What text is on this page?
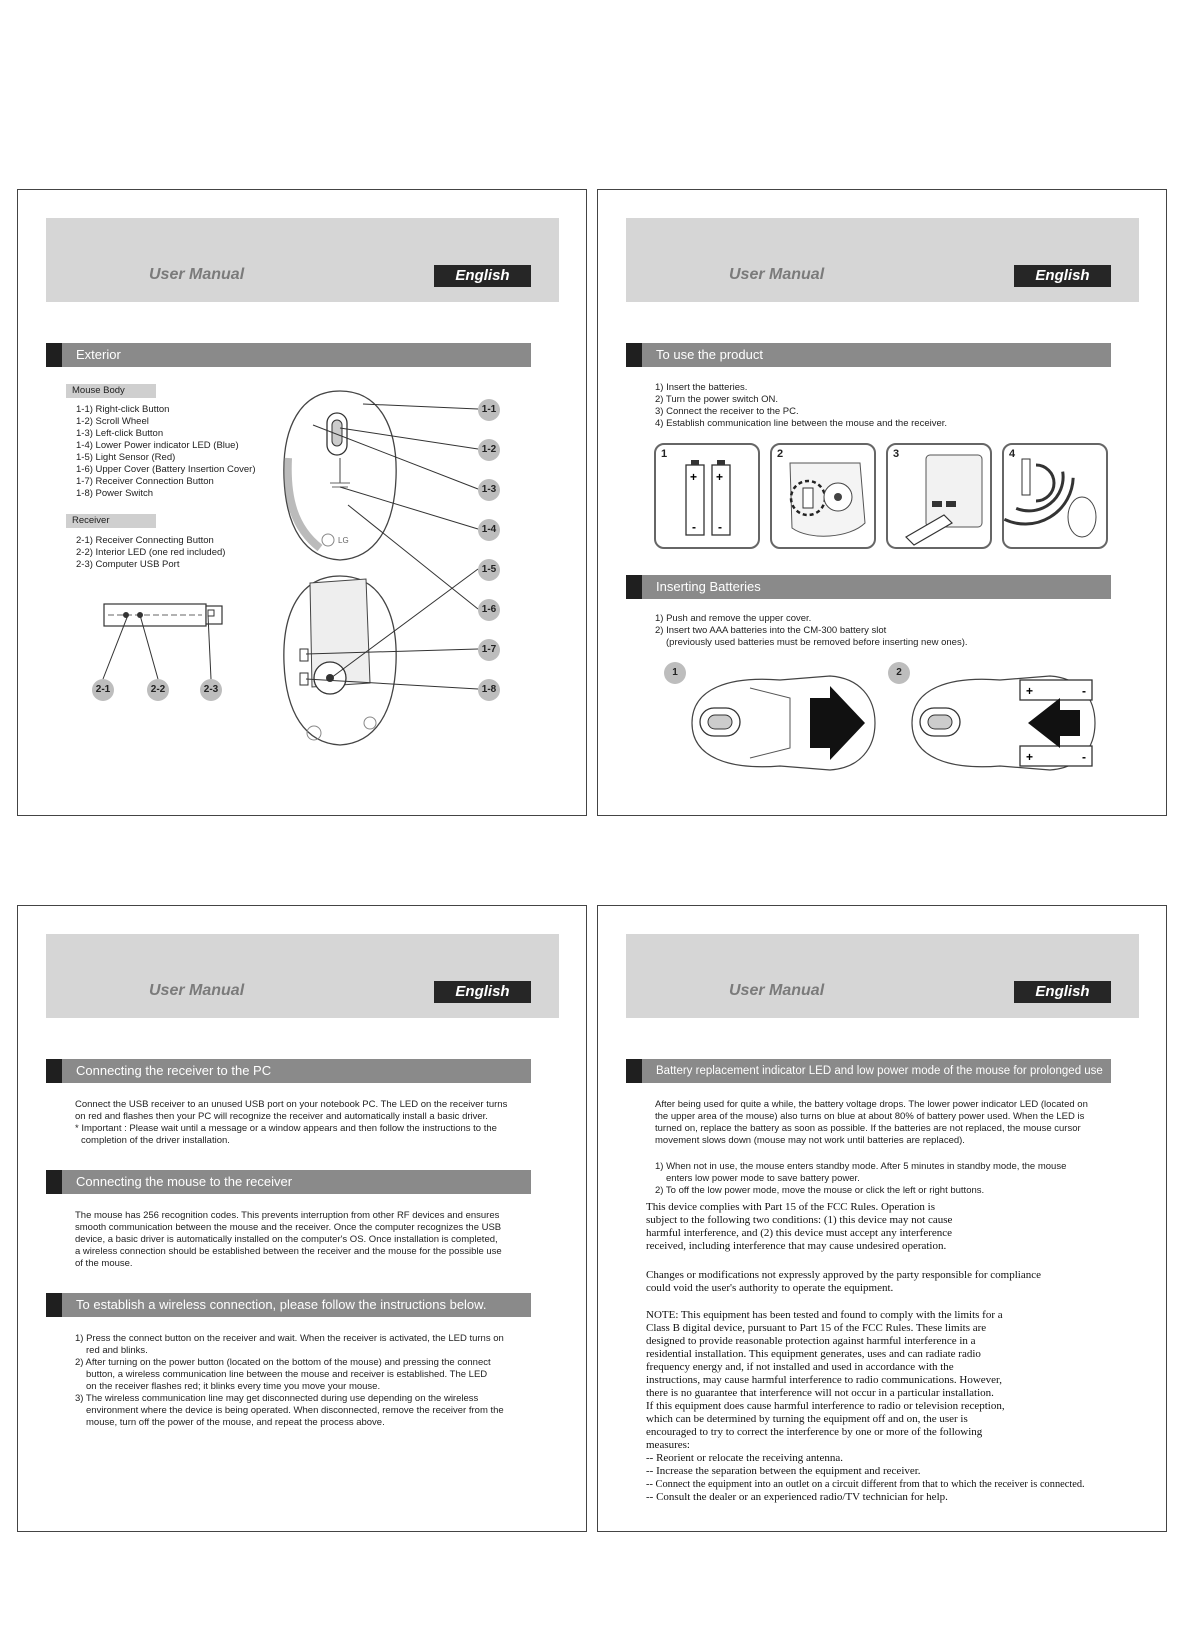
User Manual	English
Exterior
Mouse Body
1-1) Right-click Button
1-2) Scroll Wheel
1-3) Left-click Button
1-4) Lower Power indicator LED (Blue)
1-5) Light Sensor (Red)
1-6) Upper Cover (Battery Insertion Cover)
1-7) Receiver Connection Button
1-8) Power Switch
Receiver
2-1) Receiver Connecting Button
2-2) Interior LED (one red included)
2-3) Computer USB Port
2-1	2-2	2-3
LG
1-1
1-2
1-3
1-4
1-5
1-6
1-7
1-8
User Manual	English
To use the product
1) Insert the batteries.
2) Turn the power switch ON.
3) Connect the receiver to the PC.
4) Establish communication line between the mouse and the receiver.
1
+ +
- -
2	3	4
Inserting Batteries
1) Push and remove the upper cover.
2) Insert two AAA batteries into the CM-300 battery slot
(previously used batteries must be removed before inserting new ones).
1	2
+
+
-
-
User Manual	English
Connecting the receiver to the PC
Connect the USB receiver to an unused USB port on your notebook PC. The LED on the receiver turns
on red and flashes then your PC will recognize the receiver and automatically install a basic driver.
* Important : Please wait until a message or a window appears and then follow the instructions to the
completion of the driver installation.
Connecting the mouse to the receiver
The mouse has 256 recognition codes. This prevents interruption from other RF devices and ensures
smooth communication between the mouse and the receiver. Once the computer recognizes the USB
device, a basic driver is automatically installed on the computer's OS. Once installation is completed,
a wireless connection should be established between the receiver and the mouse for the possible use
of the mouse.
To establish a wireless connection, please follow the instructions below.
1) Press the connect button on the receiver and wait. When the receiver is activated, the LED turns on
red and blinks.
2) After turning on the power button (located on the bottom of the mouse) and pressing the connect
button, a wireless communication line between the mouse and receiver is established. The LED
on the receiver flashes red; it blinks every time you move your mouse.
3) The wireless communication line may get disconnected during use depending on the wireless
environment where the device is being operated. When disconnected, remove the receiver from the
mouse, turn off the power of the mouse, and repeat the process above.
User Manual	English
Battery replacement indicator LED and low power mode of the mouse for prolonged use
After being used for quite a while, the battery voltage drops. The lower power indicator LED (located on
the upper area of the mouse) also turns on blue at about 80% of battery power used. When the LED is
turned on, replace the battery as soon as possible. If the batteries are not replaced, the mouse cursor
movement slows down (mouse may not work until batteries are replaced).
1) When not in use, the mouse enters standby mode. After 5 minutes in standby mode, the mouse
enters low power mode to save battery power.
2) To off the low power mode, move the mouse or click the left or right buttons.
This device complies with Part 15 of the FCC Rules. Operation is
subject to the following two conditions: (1) this device may not cause
harmful interference, and (2) this device must accept any interference
received, including interference that may cause undesired operation.
Changes or modifications not expressly approved by the party responsible for compliance
could void the user's authority to operate the equipment.
NOTE: This equipment has been tested and found to comply with the limits for a
Class B digital device, pursuant to Part 15 of the FCC Rules. These limits are
designed to provide reasonable protection against harmful interference in a
residential installation. This equipment generates, uses and can radiate radio
frequency energy and, if not installed and used in accordance with the
instructions, may cause harmful interference to radio communications. However,
there is no guarantee that interference will not occur in a particular installation.
If this equipment does cause harmful interference to radio or television reception,
which can be determined by turning the equipment off and on, the user is
encouraged to try to correct the interference by one or more of the following
measures:
-- Reorient or relocate the receiving antenna.
-- Increase the separation between the equipment and receiver.
-- Connect the equipment into an outlet on a circuit different from that to which the receiver is connected.
-- Consult the dealer or an experienced radio/TV technician for help.
